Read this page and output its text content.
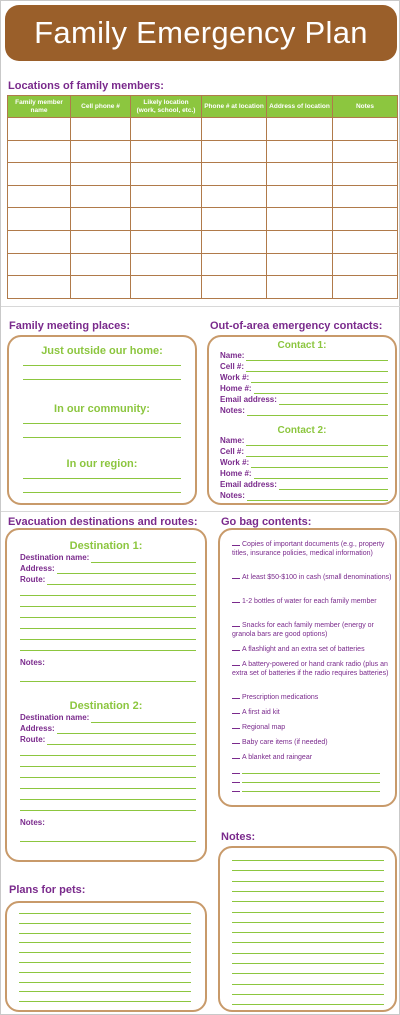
Family Emergency Plan
Locations of family members:
Family member name	Cell phone #	Likely location (work, school, etc.)	Phone # at location	Address of location	Notes

Family meeting places:
Just outside our home:
In our community:
In our region:
Out-of-area emergency contacts:
Contact 1:
Name:
Cell #:
Work #:
Home #:
Email address:
Notes:
Contact 2:
Name:
Cell #:
Work #:
Home #:
Email address:
Notes:
Evacuation destinations and routes:
Destination 1:
Destination name:
Address:
Route:
Notes:
Destination 2:
Destination name:
Address:
Route:
Notes:
Go bag contents:
Copies of important documents (e.g., property titles, insurance policies, medical information)
At least $50-$100 in cash (small denominations)
1-2 bottles of water for each family member
Snacks for each family member (energy or granola bars are good options)
A flashlight and an extra set of batteries
A battery-powered or hand crank radio (plus an extra set of batteries if the radio requires batteries)
Prescription medications
A first aid kit
Regional map
Baby care items (if needed)
A blanket and raingear
Notes:
Plans for pets:
